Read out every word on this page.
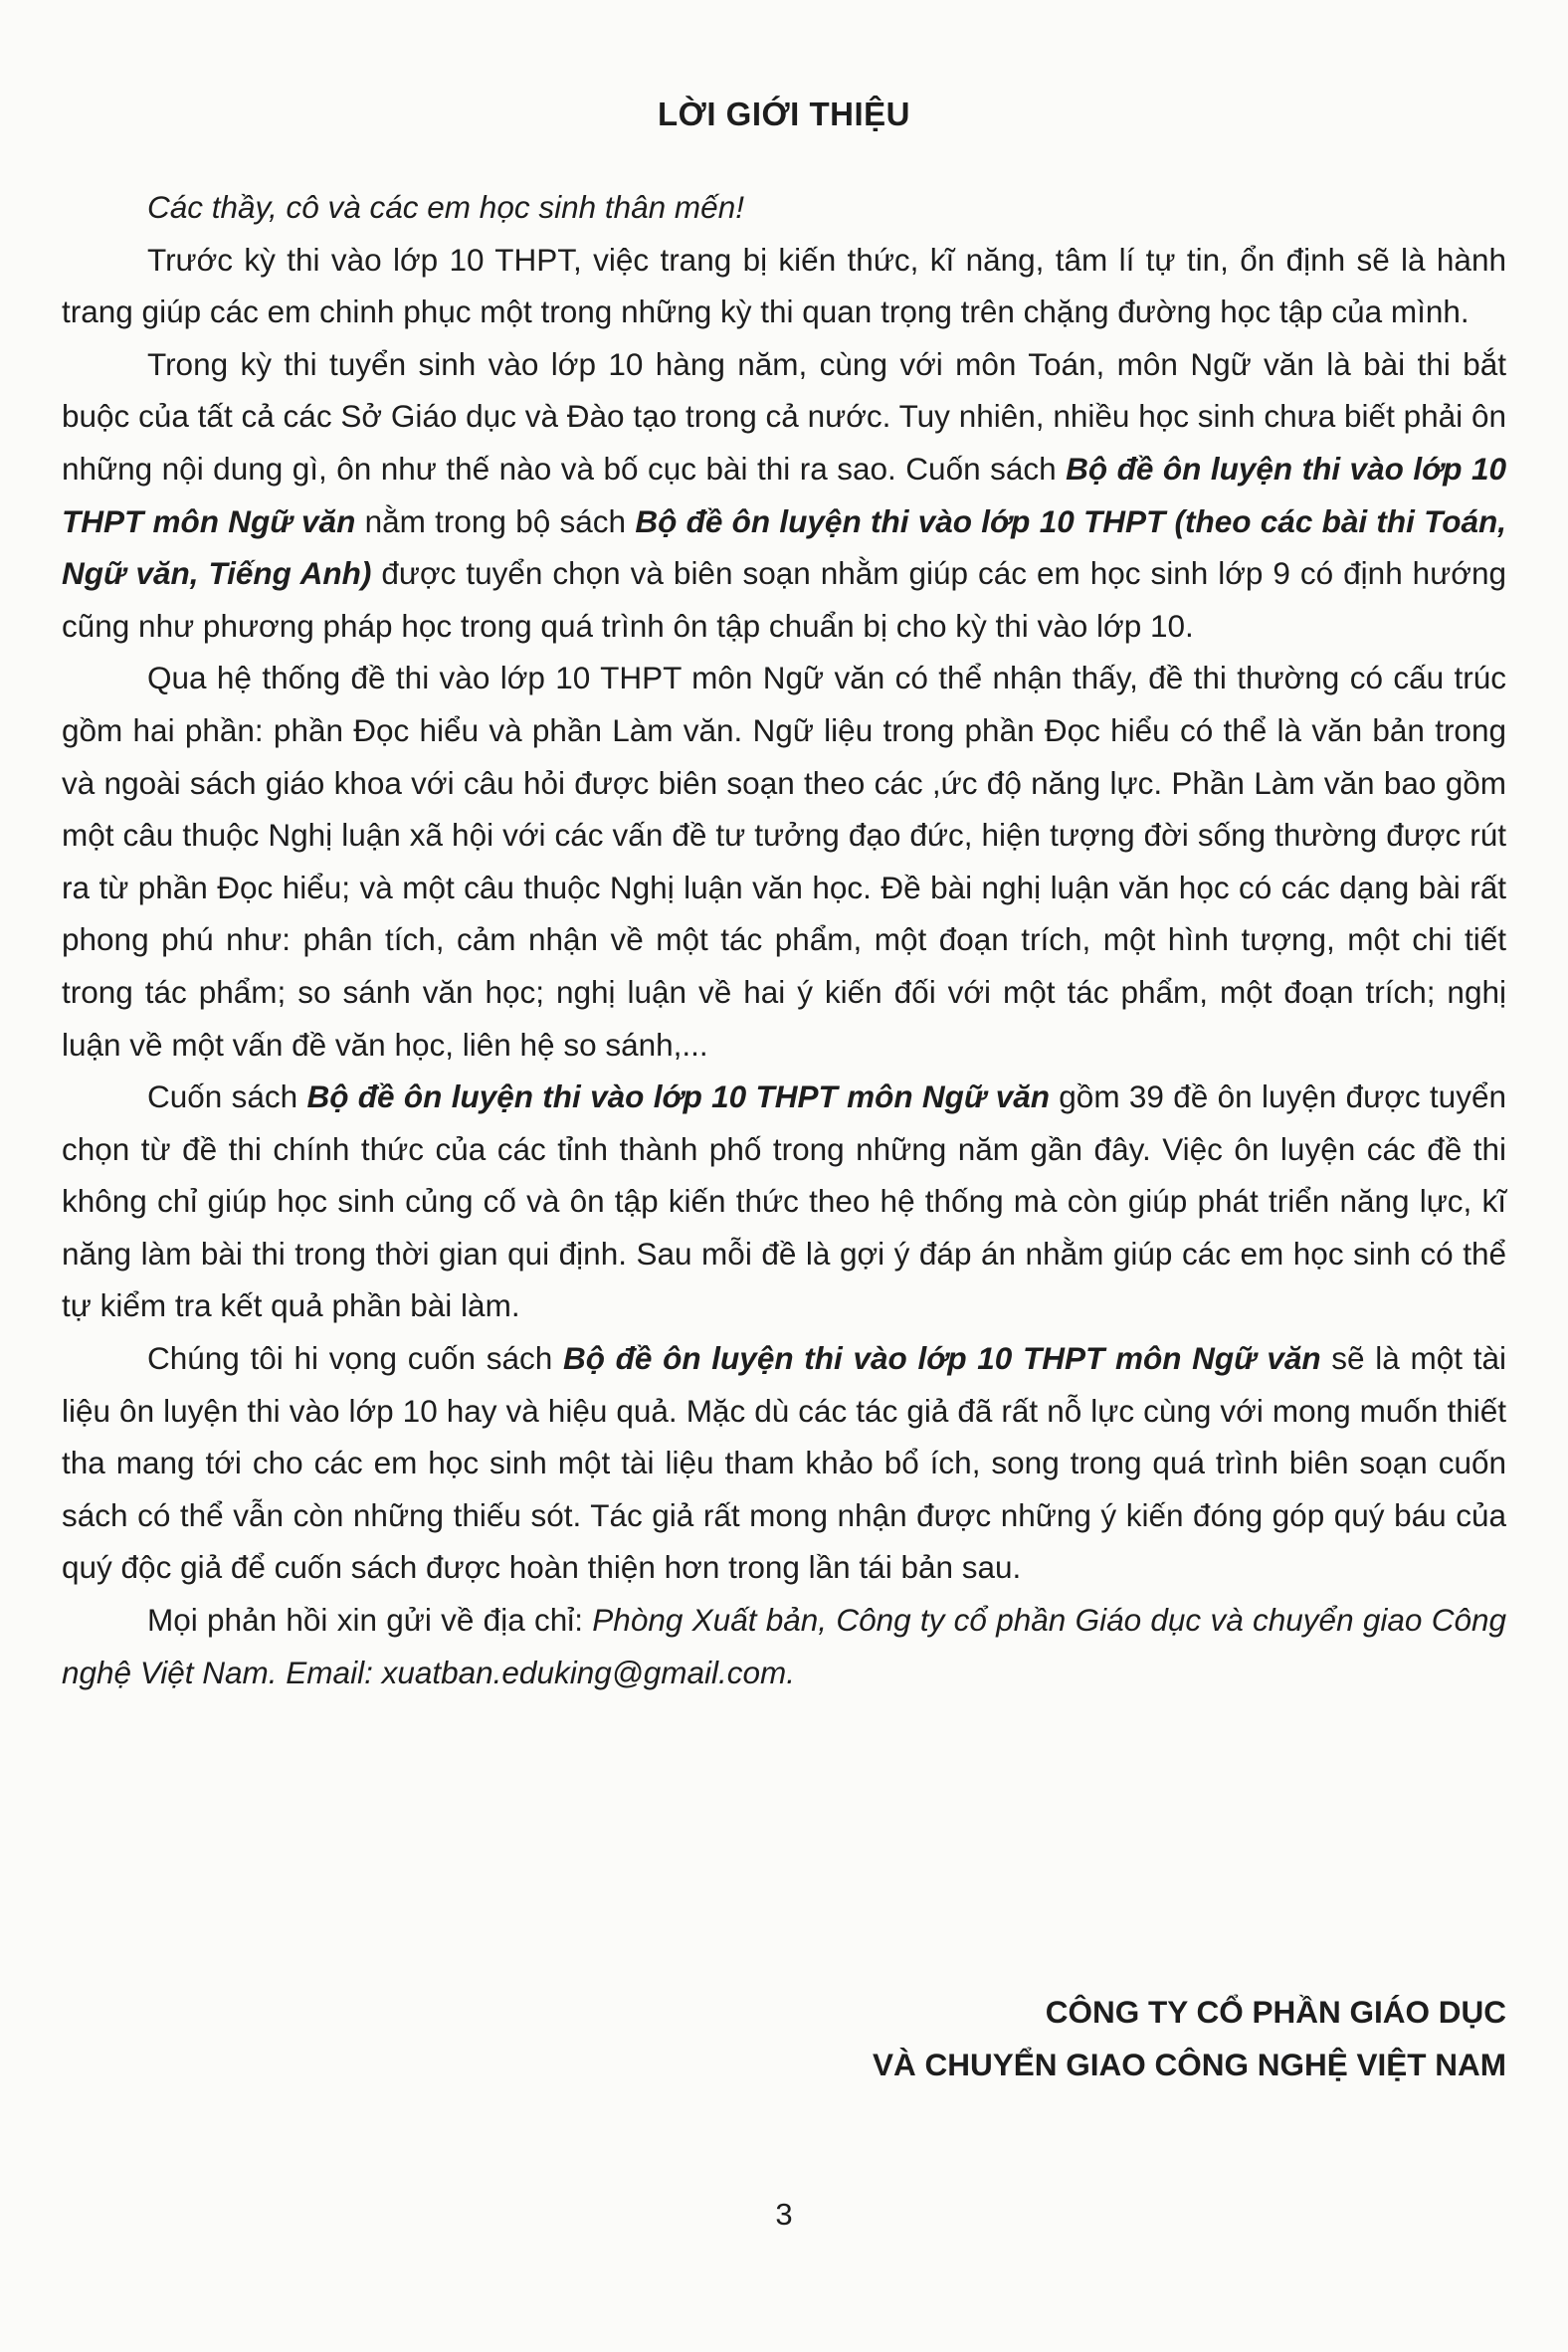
LỜI GIỚI THIỆU

Các thầy, cô và các em học sinh thân mến!

Trước kỳ thi vào lớp 10 THPT, việc trang bị kiến thức, kĩ năng, tâm lí tự tin, ổn định sẽ là hành trang giúp các em chinh phục một trong những kỳ thi quan trọng trên chặng đường học tập của mình.

Trong kỳ thi tuyển sinh vào lớp 10 hàng năm, cùng với môn Toán, môn Ngữ văn là bài thi bắt buộc của tất cả các Sở Giáo dục và Đào tạo trong cả nước. Tuy nhiên, nhiều học sinh chưa biết phải ôn những nội dung gì, ôn như thế nào và bố cục bài thi ra sao. Cuốn sách Bộ đề ôn luyện thi vào lớp 10 THPT môn Ngữ văn nằm trong bộ sách Bộ đề ôn luyện thi vào lớp 10 THPT (theo các bài thi Toán, Ngữ văn, Tiếng Anh) được tuyển chọn và biên soạn nhằm giúp các em học sinh lớp 9 có định hướng cũng như phương pháp học trong quá trình ôn tập chuẩn bị cho kỳ thi vào lớp 10.

Qua hệ thống đề thi vào lớp 10 THPT môn Ngữ văn có thể nhận thấy, đề thi thường có cấu trúc gồm hai phần: phần Đọc hiểu và phần Làm văn. Ngữ liệu trong phần Đọc hiểu có thể là văn bản trong và ngoài sách giáo khoa với câu hỏi được biên soạn theo các ,ức độ năng lực. Phần Làm văn bao gồm một câu thuộc Nghị luận xã hội với các vấn đề tư tưởng đạo đức, hiện tượng đời sống thường được rút ra từ phần Đọc hiểu; và một câu thuộc Nghị luận văn học. Đề bài nghị luận văn học có các dạng bài rất phong phú như: phân tích, cảm nhận về một tác phẩm, một đoạn trích, một hình tượng, một chi tiết trong tác phẩm; so sánh văn học; nghị luận về hai ý kiến đối với một tác phẩm, một đoạn trích; nghị luận về một vấn đề văn học, liên hệ so sánh,...

Cuốn sách Bộ đề ôn luyện thi vào lớp 10 THPT môn Ngữ văn gồm 39 đề ôn luyện được tuyển chọn từ đề thi chính thức của các tỉnh thành phố trong những năm gần đây. Việc ôn luyện các đề thi không chỉ giúp học sinh củng cố và ôn tập kiến thức theo hệ thống mà còn giúp phát triển năng lực, kĩ năng làm bài thi trong thời gian qui định. Sau mỗi đề là gợi ý đáp án nhằm giúp các em học sinh có thể tự kiểm tra kết quả phần bài làm.

Chúng tôi hi vọng cuốn sách Bộ đề ôn luyện thi vào lớp 10 THPT môn Ngữ văn sẽ là một tài liệu ôn luyện thi vào lớp 10 hay và hiệu quả. Mặc dù các tác giả đã rất nỗ lực cùng với mong muốn thiết tha mang tới cho các em học sinh một tài liệu tham khảo bổ ích, song trong quá trình biên soạn cuốn sách có thể vẫn còn những thiếu sót. Tác giả rất mong nhận được những ý kiến đóng góp quý báu của quý độc giả để cuốn sách được hoàn thiện hơn trong lần tái bản sau.

Mọi phản hồi xin gửi về địa chỉ: Phòng Xuất bản, Công ty cổ phần Giáo dục và chuyển giao Công nghệ Việt Nam. Email: xuatban.eduking@gmail.com.

CÔNG TY CỔ PHẦN GIÁO DỤC
VÀ CHUYỂN GIAO CÔNG NGHỆ VIỆT NAM
3
